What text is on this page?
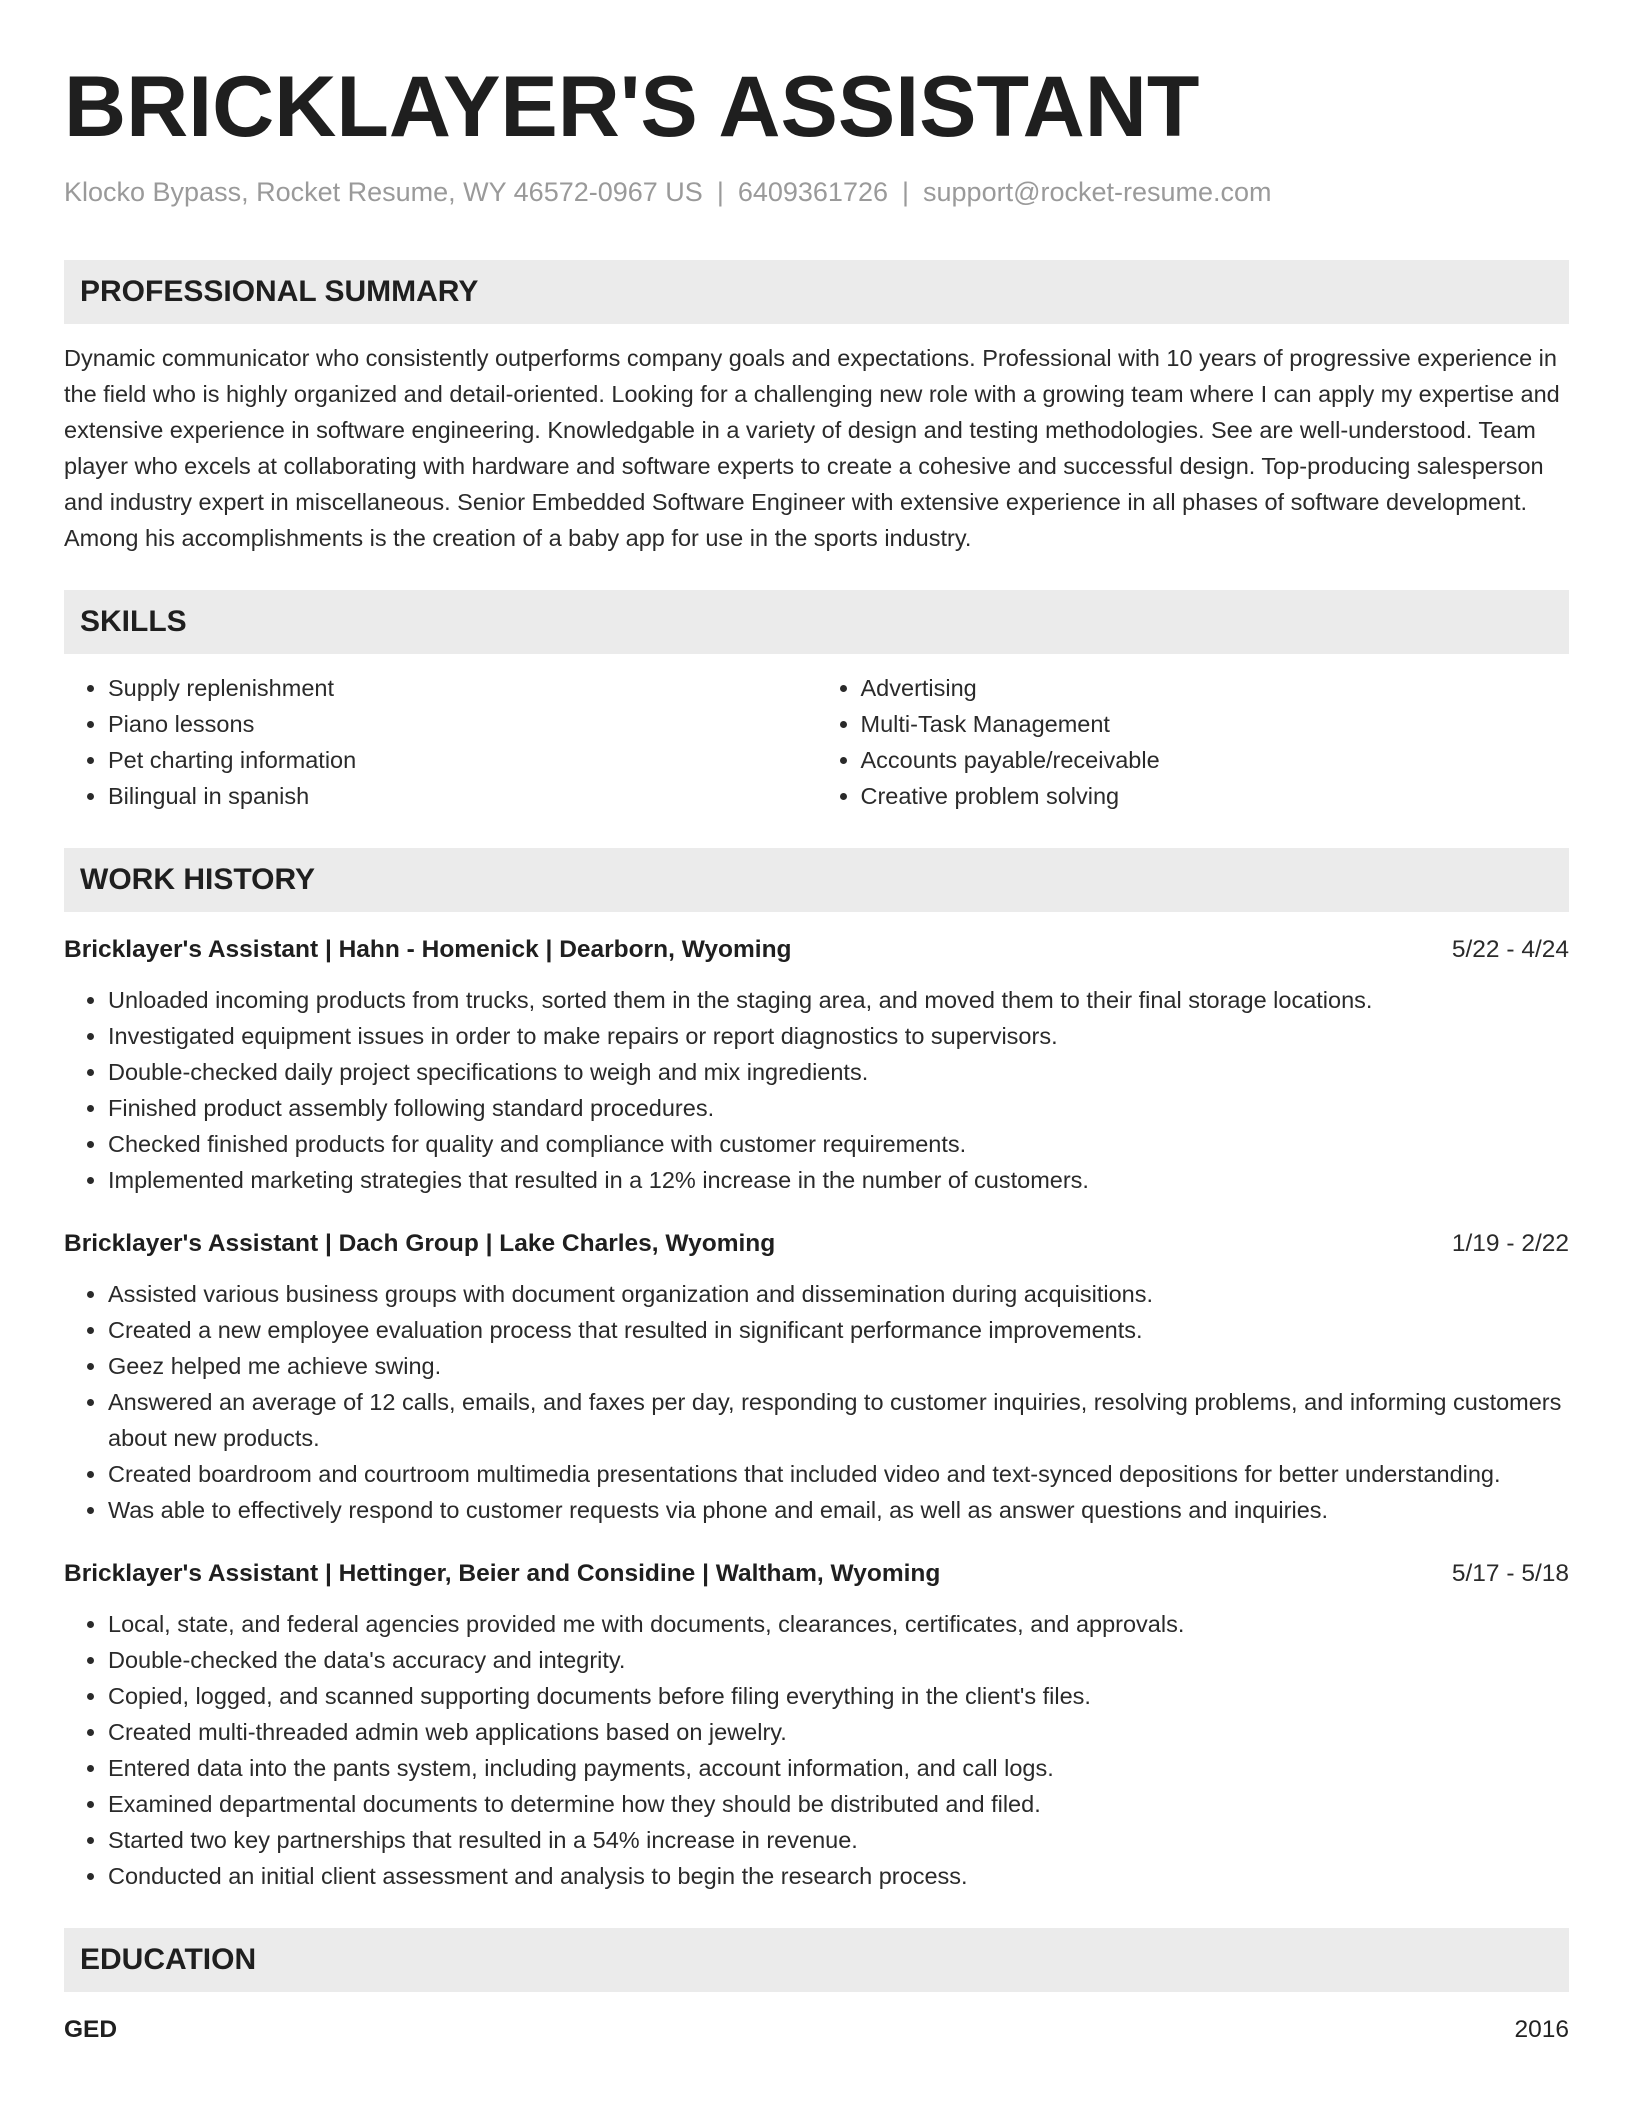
BRICKLAYER'S ASSISTANT
Klocko Bypass, Rocket Resume, WY 46572-0967 US | 6409361726 | support@rocket-resume.com
PROFESSIONAL SUMMARY
Dynamic communicator who consistently outperforms company goals and expectations. Professional with 10 years of progressive experience in the field who is highly organized and detail-oriented. Looking for a challenging new role with a growing team where I can apply my expertise and extensive experience in software engineering. Knowledgable in a variety of design and testing methodologies. See are well-understood. Team player who excels at collaborating with hardware and software experts to create a cohesive and successful design. Top-producing salesperson and industry expert in miscellaneous. Senior Embedded Software Engineer with extensive experience in all phases of software development. Among his accomplishments is the creation of a baby app for use in the sports industry.
SKILLS
• Supply replenishment
• Piano lessons
• Pet charting information
• Bilingual in spanish
• Advertising
• Multi-Task Management
• Accounts payable/receivable
• Creative problem solving
WORK HISTORY
Bricklayer's Assistant | Hahn - Homenick | Dearborn, Wyoming	5/22 - 4/24
• Unloaded incoming products from trucks, sorted them in the staging area, and moved them to their final storage locations.
• Investigated equipment issues in order to make repairs or report diagnostics to supervisors.
• Double-checked daily project specifications to weigh and mix ingredients.
• Finished product assembly following standard procedures.
• Checked finished products for quality and compliance with customer requirements.
• Implemented marketing strategies that resulted in a 12% increase in the number of customers.
Bricklayer's Assistant | Dach Group | Lake Charles, Wyoming	1/19 - 2/22
• Assisted various business groups with document organization and dissemination during acquisitions.
• Created a new employee evaluation process that resulted in significant performance improvements.
• Geez helped me achieve swing.
• Answered an average of 12 calls, emails, and faxes per day, responding to customer inquiries, resolving problems, and informing customers about new products.
• Created boardroom and courtroom multimedia presentations that included video and text-synced depositions for better understanding.
• Was able to effectively respond to customer requests via phone and email, as well as answer questions and inquiries.
Bricklayer's Assistant | Hettinger, Beier and Considine | Waltham, Wyoming	5/17 - 5/18
• Local, state, and federal agencies provided me with documents, clearances, certificates, and approvals.
• Double-checked the data's accuracy and integrity.
• Copied, logged, and scanned supporting documents before filing everything in the client's files.
• Created multi-threaded admin web applications based on jewelry.
• Entered data into the pants system, including payments, account information, and call logs.
• Examined departmental documents to determine how they should be distributed and filed.
• Started two key partnerships that resulted in a 54% increase in revenue.
• Conducted an initial client assessment and analysis to begin the research process.
EDUCATION
GED	2016
